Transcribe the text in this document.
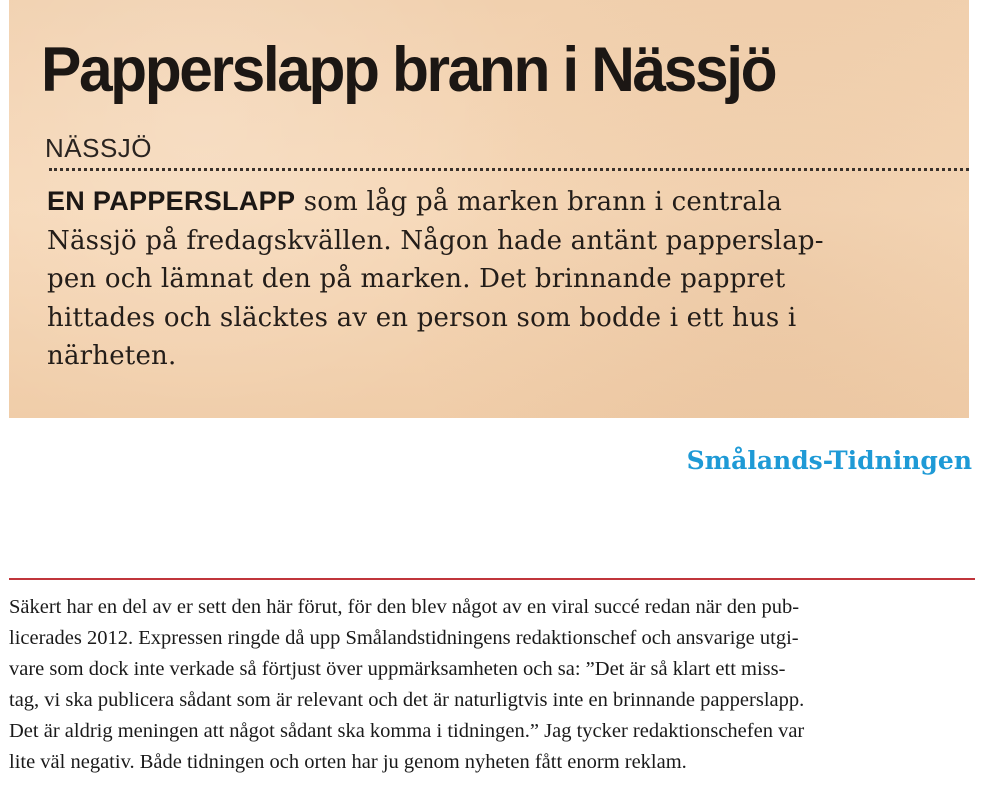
Papperslapp brann i Nässjö
NÄSSJÖ

EN PAPPERSLAPP som låg på marken brann i centrala
Nässjö på fredagskvällen. Någon hade antänt papperslap-
pen och lämnat den på marken. Det brinnande pappret
hittades och släcktes av en person som bodde i ett hus i
närheten.

Smålands-Tidningen

Säkert har en del av er sett den här förut, för den blev något av en viral succé redan när den pub-
licerades 2012. Expressen ringde då upp Smålandstidningens redaktionschef och ansvarige utgi-
vare som dock inte verkade så förtjust över uppmärksamheten och sa: ”Det är så klart ett miss-
tag, vi ska publicera sådant som är relevant och det är naturligtvis inte en brinnande papperslapp.
Det är aldrig meningen att något sådant ska komma i tidningen.” Jag tycker redaktionschefen var
lite väl negativ. Både tidningen och orten har ju genom nyheten fått enorm reklam.
